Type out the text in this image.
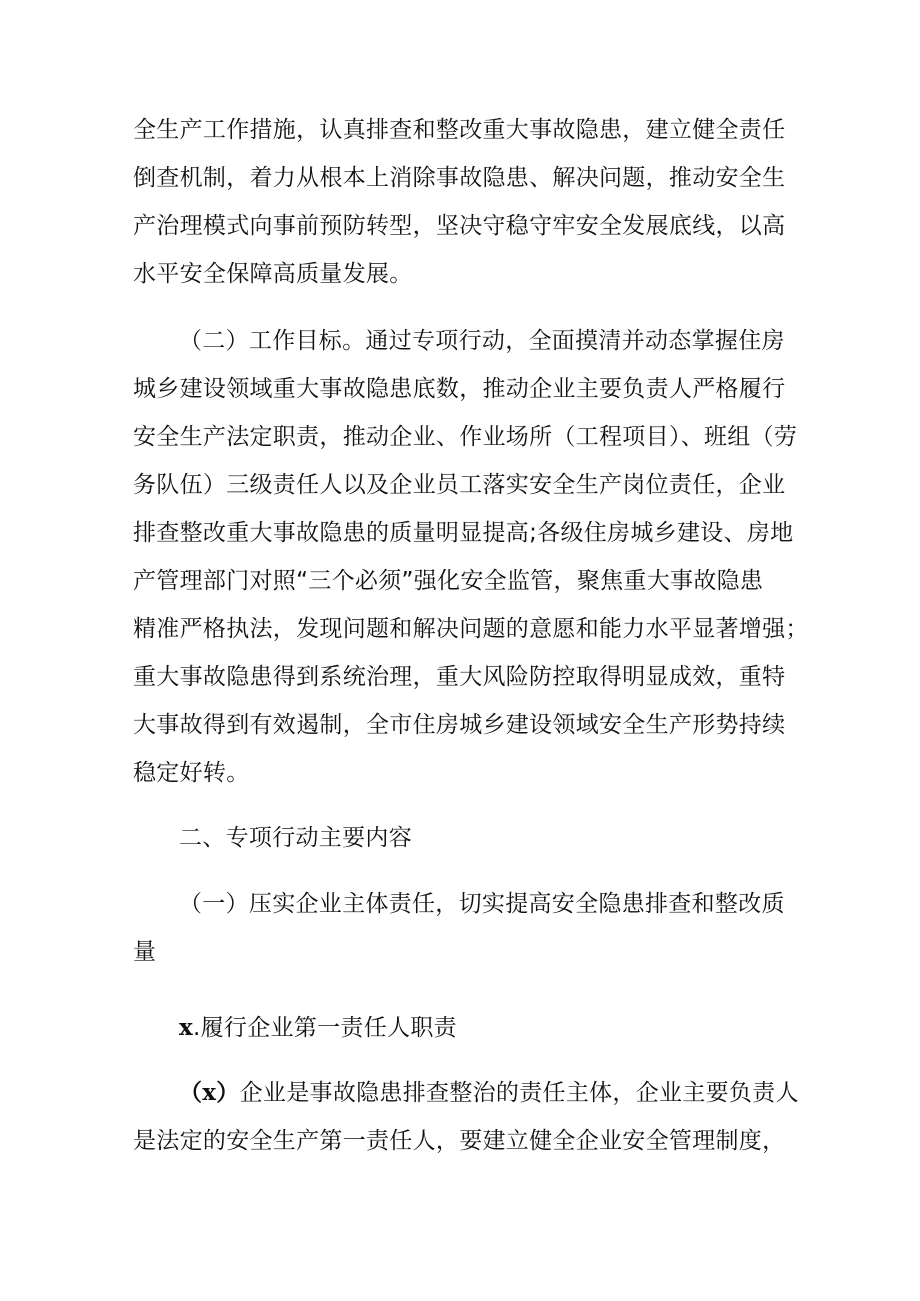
全生产工作措施，认真排查和整改重大事故隐患，建立健全责任
倒查机制，着力从根本上消除事故隐患、解决问题，推动安全生
产治理模式向事前预防转型，坚决守稳守牢安全发展底线，以高
水平安全保障高质量发展。
（二）工作目标。通过专项行动，全面摸清并动态掌握住房
城乡建设领域重大事故隐患底数，推动企业主要负责人严格履行
安全生产法定职责，推动企业、作业场所（工程项目）、班组（劳
务队伍）三级责任人以及企业员工落实安全生产岗位责任，企业
排查整改重大事故隐患的质量明显提高;各级住房城乡建设、房地
产管理部门对照“三个必须”强化安全监管，聚焦重大事故隐患
精准严格执法，发现问题和解决问题的意愿和能力水平显著增强；
重大事故隐患得到系统治理，重大风险防控取得明显成效，重特
大事故得到有效遏制，全市住房城乡建设领域安全生产形势持续
稳定好转。
二、专项行动主要内容
（一）压实企业主体责任，切实提高安全隐患排查和整改质
量
x.履行企业第一责任人职责
（x）企业是事故隐患排查整治的责任主体，企业主要负责人
是法定的安全生产第一责任人，要建立健全企业安全管理制度，
